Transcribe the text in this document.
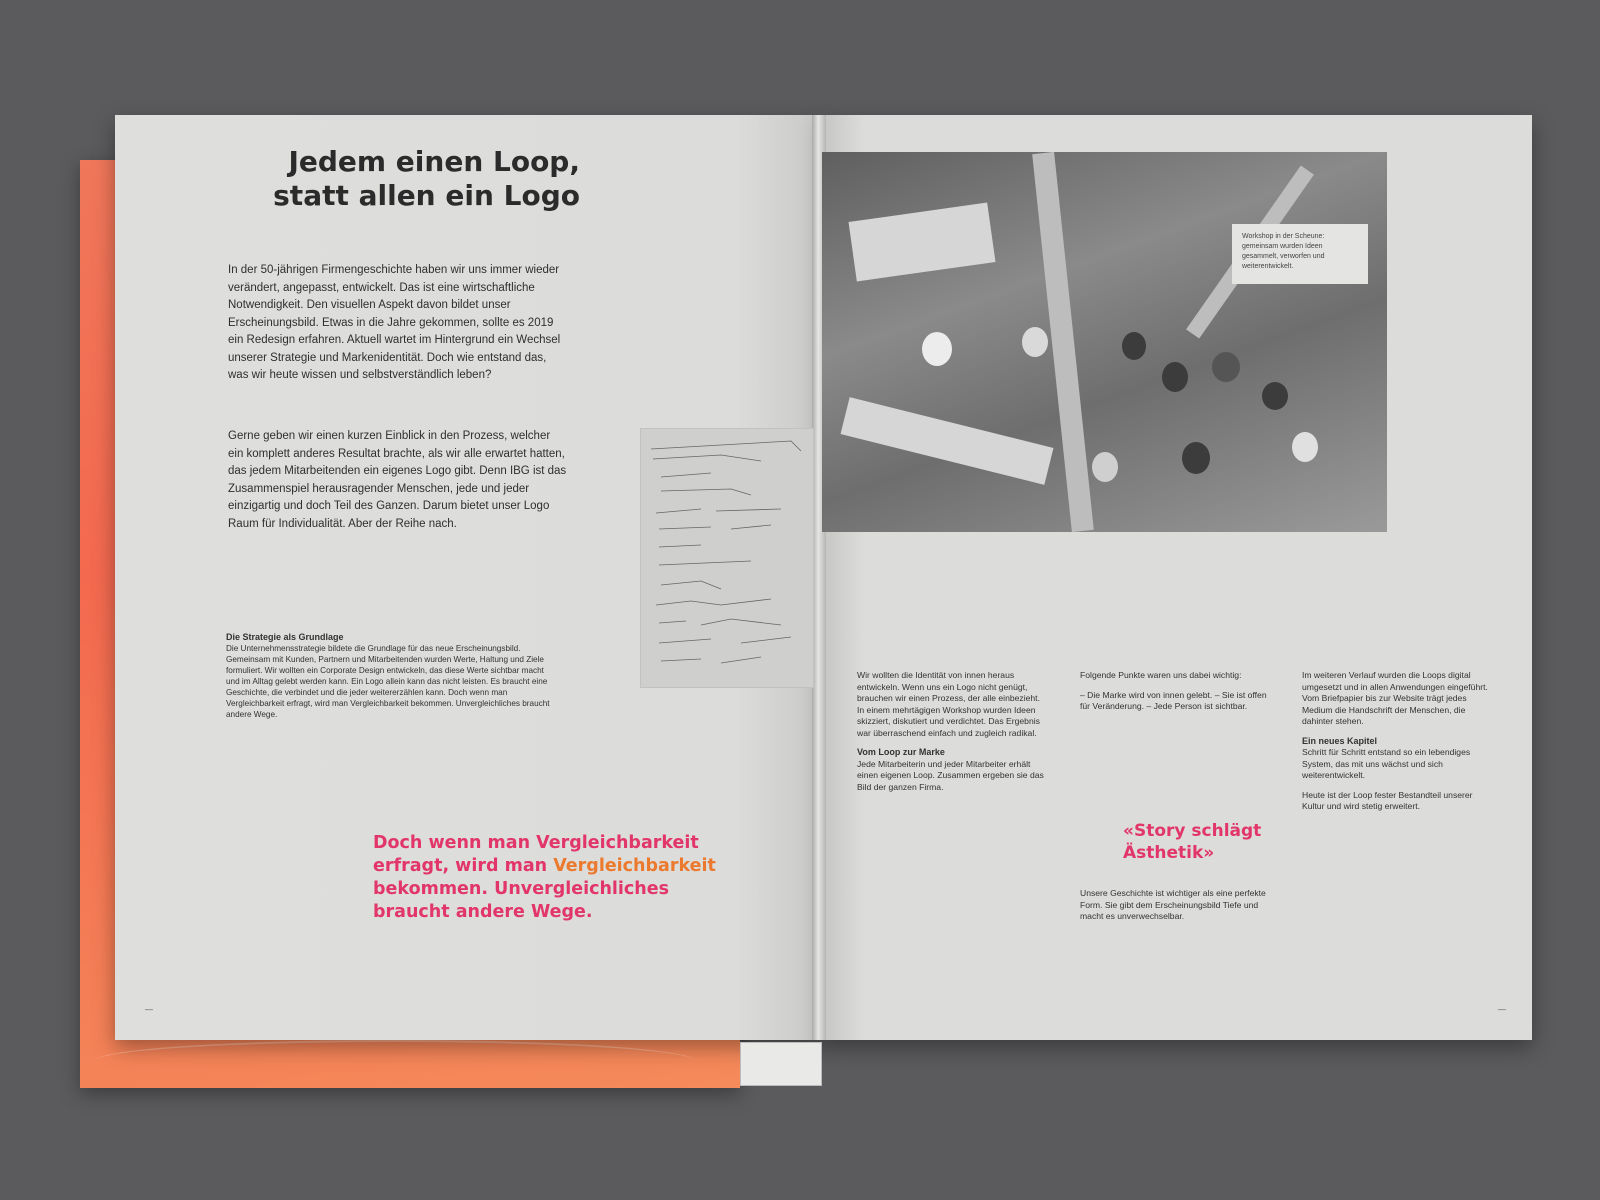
Jedem einen Loop,
statt allen ein Logo
In der 50-jährigen Firmengeschichte haben wir uns immer wieder verändert, angepasst, entwickelt. Das ist eine wirtschaftliche Notwendigkeit. Den visuellen Aspekt davon bildet unser Erscheinungsbild. Etwas in die Jahre gekommen, sollte es 2019 ein Redesign erfahren. Aktuell wartet im Hintergrund ein Wechsel unserer Strategie und Markenidentität. Doch wie entstand das, was wir heute wissen und selbstverständlich leben?
Gerne geben wir einen kurzen Einblick in den Prozess, welcher ein komplett anderes Resultat brachte, als wir alle erwartet hatten, das jedem Mitarbeitenden ein eigenes Logo gibt. Denn IBG ist das Zusammenspiel herausragender Menschen, jede und jeder einzigartig und doch Teil des Ganzen. Darum bietet unser Logo Raum für Individualität. Aber der Reihe nach.
Die Strategie als Grundlage
Die Unternehmensstrategie bildete die Grundlage für das neue Erscheinungsbild. Gemeinsam mit Kunden, Partnern und Mitarbeitenden wurden Werte, Haltung und Ziele formuliert. Wir wollten ein Corporate Design entwickeln, das diese Werte sichtbar macht und im Alltag gelebt werden kann. Ein Logo allein kann das nicht leisten. Es braucht eine Geschichte, die verbindet und die jeder weitererzählen kann. Doch wenn man Vergleichbarkeit erfragt, wird man Vergleichbarkeit bekommen. Unvergleichliches braucht andere Wege.
Doch wenn man Vergleichbarkeit
erfragt, wird man Vergleichbarkeit
bekommen. Unvergleichliches
braucht andere Wege.
Workshop in der Scheune: gemeinsam wurden Ideen gesammelt, verworfen und weiterentwickelt.

Wir wollten die Identität von innen heraus entwickeln. Wenn uns ein Logo nicht genügt, brauchen wir einen Prozess, der alle einbezieht. In einem mehrtägigen Workshop wurden Ideen skizziert, diskutiert und verdichtet. Das Ergebnis war überraschend einfach und zugleich radikal.

Vom Loop zur Marke

Jede Mitarbeiterin und jeder Mitarbeiter erhält einen eigenen Loop. Zusammen ergeben sie das Bild der ganzen Firma.

Folgende Punkte waren uns dabei wichtig:

– Die Marke wird von innen gelebt. – Sie ist offen für Veränderung. – Jede Person ist sichtbar.

«Story schlägt
Ästhetik»

Unsere Geschichte ist wichtiger als eine perfekte Form. Sie gibt dem Erscheinungsbild Tiefe und macht es unverwechselbar.

Im weiteren Verlauf wurden die Loops digital umgesetzt und in allen Anwendungen eingeführt. Vom Briefpapier bis zur Website trägt jedes Medium die Handschrift der Menschen, die dahinter stehen.

Ein neues Kapitel

Schritt für Schritt entstand so ein lebendiges System, das mit uns wächst und sich weiterentwickelt.

Heute ist der Loop fester Bestandteil unserer Kultur und wird stetig erweitert.

—	—
